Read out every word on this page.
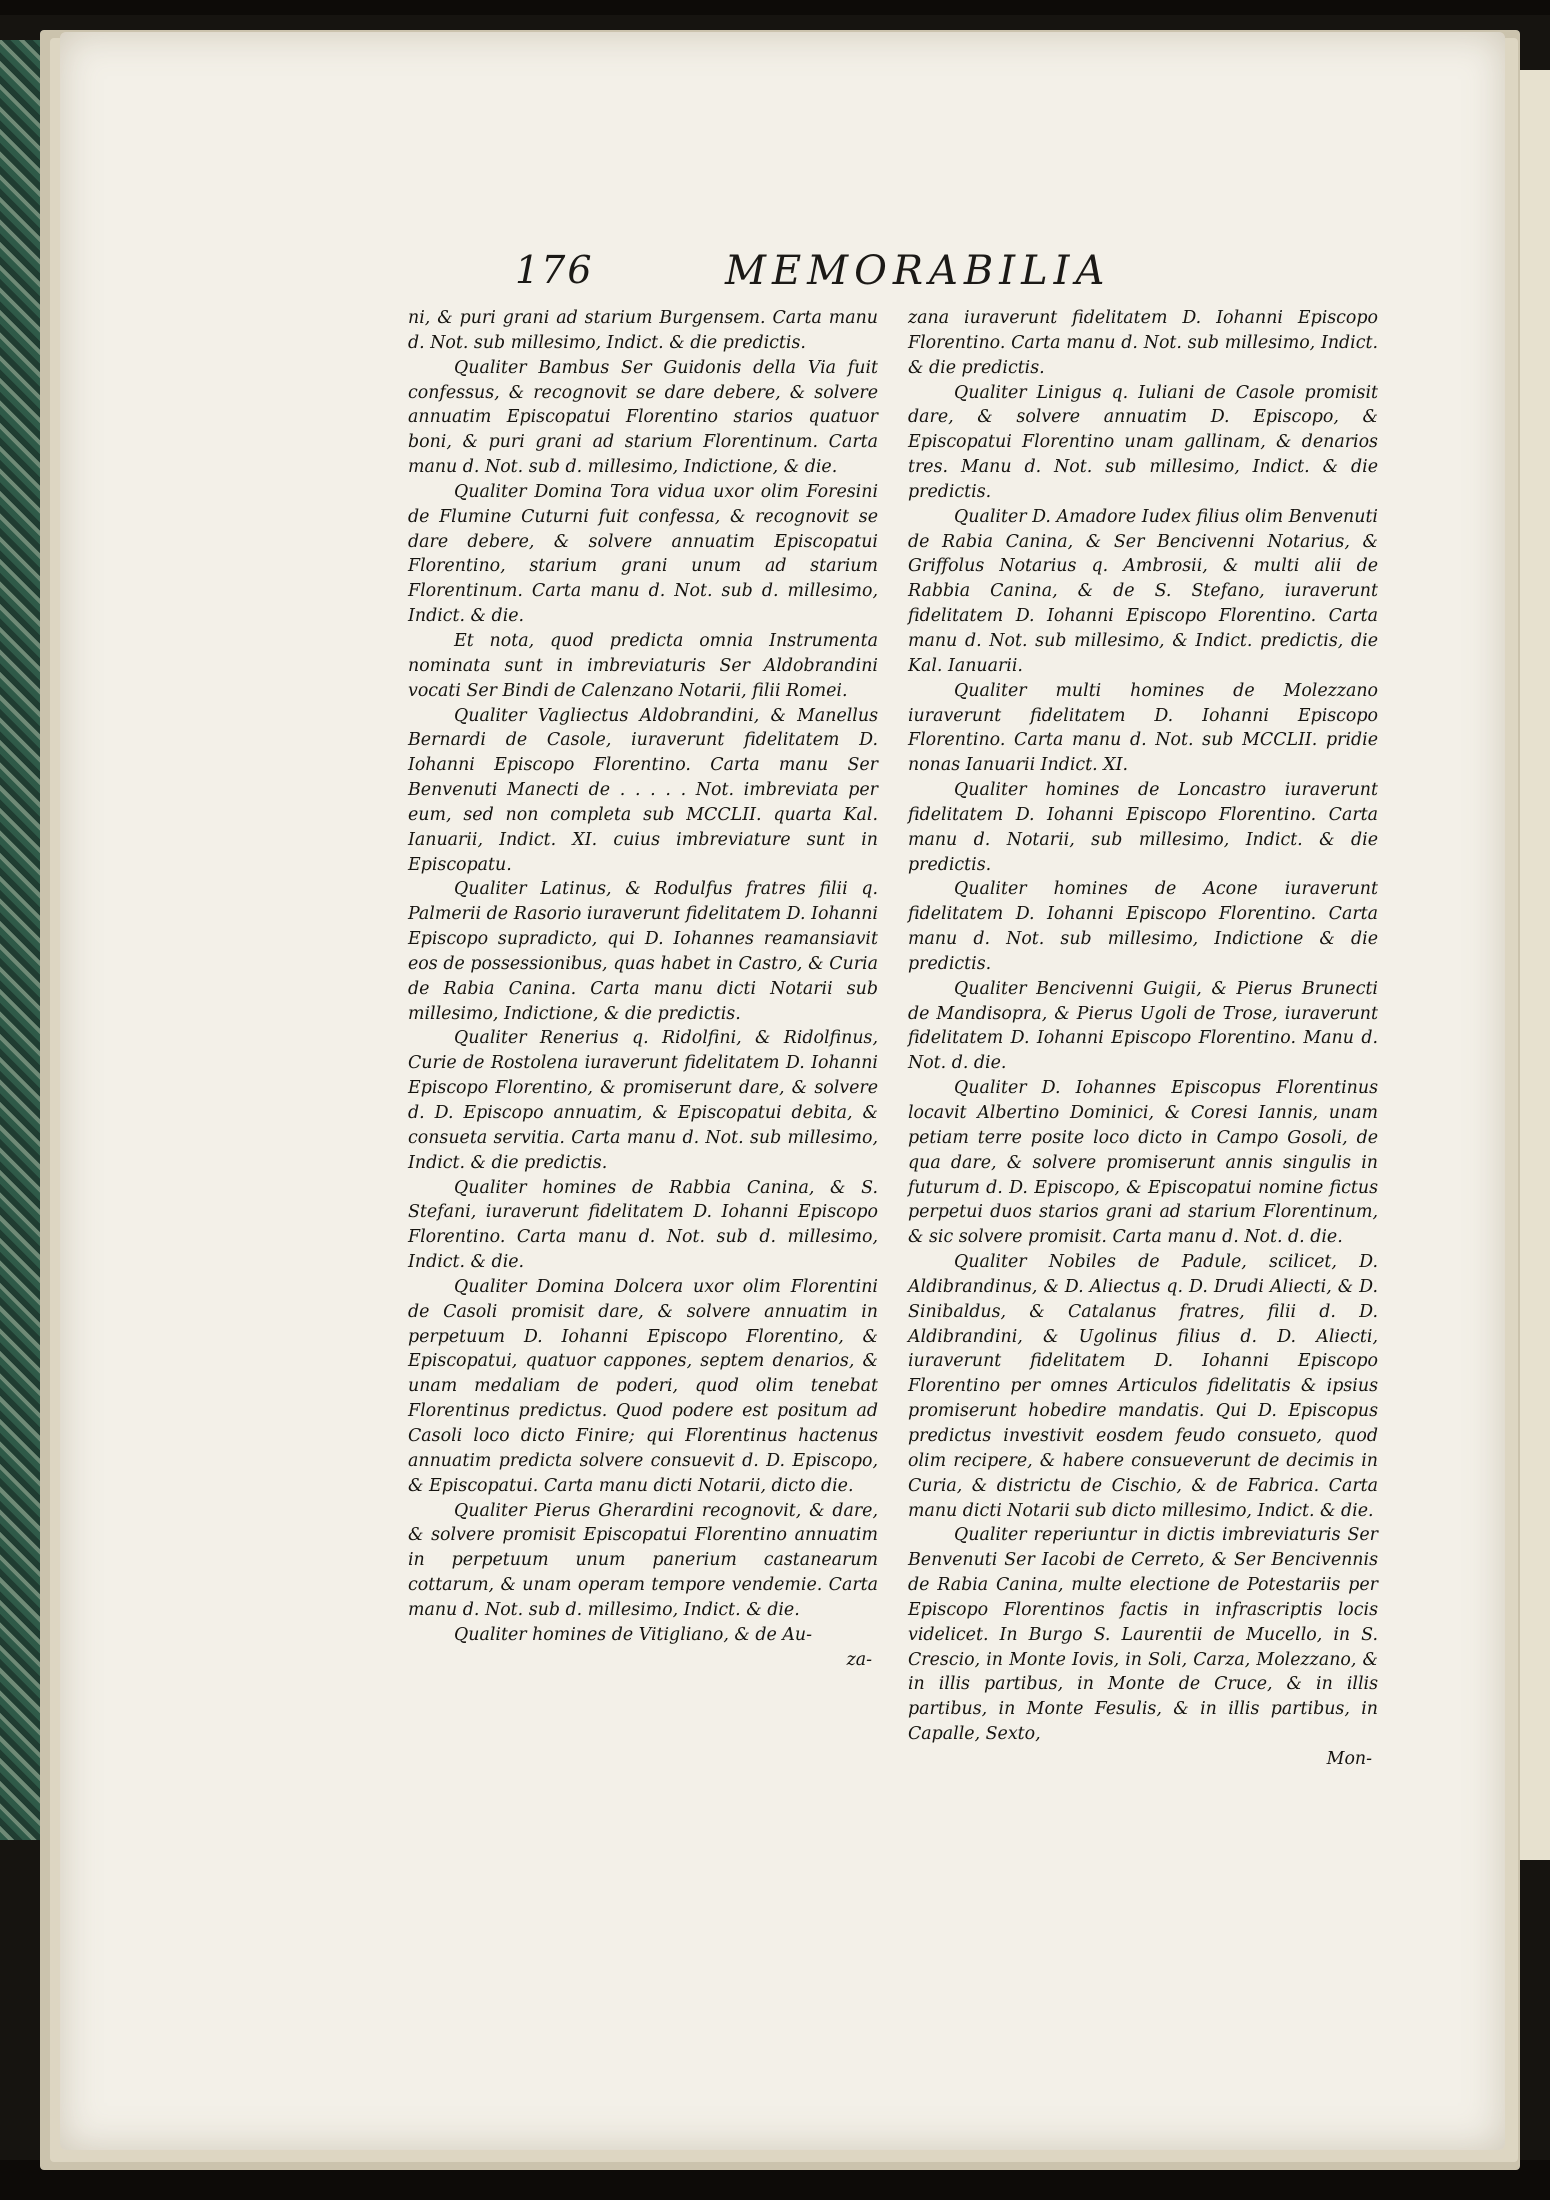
176	MEMORABILIA

ni, & puri grani ad starium Burgensem. Carta manu d. Not. sub millesimo, Indict. & die predictis.

Qualiter Bambus Ser Guidonis della Via fuit confessus, & recognovit se dare debere, & solvere annuatim Episcopatui Florentino starios quatuor boni, & puri grani ad starium Florentinum. Carta manu d. Not. sub d. millesimo, Indictione, & die.

Qualiter Domina Tora vidua uxor olim Foresini de Flumine Cuturni fuit confessa, & recognovit se dare debere, & solvere annuatim Episcopatui Florentino, starium grani unum ad starium Florentinum. Carta manu d. Not. sub d. millesimo, Indict. & die.

Et nota, quod predicta omnia Instrumenta nominata sunt in imbreviaturis Ser Aldobrandini vocati Ser Bindi de Calenzano Notarii, filii Romei.

Qualiter Vagliectus Aldobrandini, & Manellus Bernardi de Casole, iuraverunt fidelitatem D. Iohanni Episcopo Florentino. Carta manu Ser Benvenuti Manecti de . . . . . Not. imbreviata per eum, sed non completa sub MCCLII. quarta Kal. Ianuarii, Indict. XI. cuius imbreviature sunt in Episcopatu.

Qualiter Latinus, & Rodulfus fratres filii q. Palmerii de Rasorio iuraverunt fidelitatem D. Iohanni Episcopo supradicto, qui D. Iohannes reamansiavit eos de possessionibus, quas habet in Castro, & Curia de Rabia Canina. Carta manu dicti Notarii sub millesimo, Indictione, & die predictis.

Qualiter Renerius q. Ridolfini, & Ridolfinus, Curie de Rostolena iuraverunt fidelitatem D. Iohanni Episcopo Florentino, & promiserunt dare, & solvere d. D. Episcopo annuatim, & Episcopatui debita, & consueta servitia. Carta manu d. Not. sub millesimo, Indict. & die predictis.

Qualiter homines de Rabbia Canina, & S. Stefani, iuraverunt fidelitatem D. Iohanni Episcopo Florentino. Carta manu d. Not. sub d. millesimo, Indict. & die.

Qualiter Domina Dolcera uxor olim Florentini de Casoli promisit dare, & solvere annuatim in perpetuum D. Iohanni Episcopo Florentino, & Episcopatui, quatuor cappones, septem denarios, & unam medaliam de poderi, quod olim tenebat Florentinus predictus. Quod podere est positum ad Casoli loco dicto Finire; qui Florentinus hactenus annuatim predicta solvere consuevit d. D. Episcopo, & Episcopatui. Carta manu dicti Notarii, dicto die.

Qualiter Pierus Gherardini recognovit, & dare, & solvere promisit Episcopatui Florentino annuatim in perpetuum unum panerium castanearum cottarum, & unam operam tempore vendemie. Carta manu d. Not. sub d. millesimo, Indict. & die.

Qualiter homines de Vitigliano, & de Au-

za-

zana iuraverunt fidelitatem D. Iohanni Episcopo Florentino. Carta manu d. Not. sub millesimo, Indict. & die predictis.

Qualiter Linigus q. Iuliani de Casole promisit dare, & solvere annuatim D. Episcopo, & Episcopatui Florentino unam gallinam, & denarios tres. Manu d. Not. sub millesimo, Indict. & die predictis.

Qualiter D. Amadore Iudex filius olim Benvenuti de Rabia Canina, & Ser Bencivenni Notarius, & Griffolus Notarius q. Ambrosii, & multi alii de Rabbia Canina, & de S. Stefano, iuraverunt fidelitatem D. Iohanni Episcopo Florentino. Carta manu d. Not. sub millesimo, & Indict. predictis, die Kal. Ianuarii.

Qualiter multi homines de Molezzano iuraverunt fidelitatem D. Iohanni Episcopo Florentino. Carta manu d. Not. sub MCCLII. pridie nonas Ianuarii Indict. XI.

Qualiter homines de Loncastro iuraverunt fidelitatem D. Iohanni Episcopo Florentino. Carta manu d. Notarii, sub millesimo, Indict. & die predictis.

Qualiter homines de Acone iuraverunt fidelitatem D. Iohanni Episcopo Florentino. Carta manu d. Not. sub millesimo, Indictione & die predictis.

Qualiter Bencivenni Guigii, & Pierus Brunecti de Mandisopra, & Pierus Ugoli de Trose, iuraverunt fidelitatem D. Iohanni Episcopo Florentino. Manu d. Not. d. die.

Qualiter D. Iohannes Episcopus Florentinus locavit Albertino Dominici, & Coresi Iannis, unam petiam terre posite loco dicto in Campo Gosoli, de qua dare, & solvere promiserunt annis singulis in futurum d. D. Episcopo, & Episcopatui nomine fictus perpetui duos starios grani ad starium Florentinum, & sic solvere promisit. Carta manu d. Not. d. die.

Qualiter Nobiles de Padule, scilicet, D. Aldibrandinus, & D. Aliectus q. D. Drudi Aliecti, & D. Sinibaldus, & Catalanus fratres, filii d. D. Aldibrandini, & Ugolinus filius d. D. Aliecti, iuraverunt fidelitatem D. Iohanni Episcopo Florentino per omnes Articulos fidelitatis & ipsius promiserunt hobedire mandatis. Qui D. Episcopus predictus investivit eosdem feudo consueto, quod olim recipere, & habere consueverunt de decimis in Curia, & districtu de Cischio, & de Fabrica. Carta manu dicti Notarii sub dicto millesimo, Indict. & die.

Qualiter reperiuntur in dictis imbreviaturis Ser Benvenuti Ser Iacobi de Cerreto, & Ser Bencivennis de Rabia Canina, multe electione de Potestariis per Episcopo Florentinos factis in infrascriptis locis videlicet. In Burgo S. Laurentii de Mucello, in S. Crescio, in Monte Iovis, in Soli, Carza, Molezzano, & in illis partibus, in Monte de Cruce, & in illis partibus, in Monte Fesulis, & in illis partibus, in Capalle, Sexto,

Mon-
